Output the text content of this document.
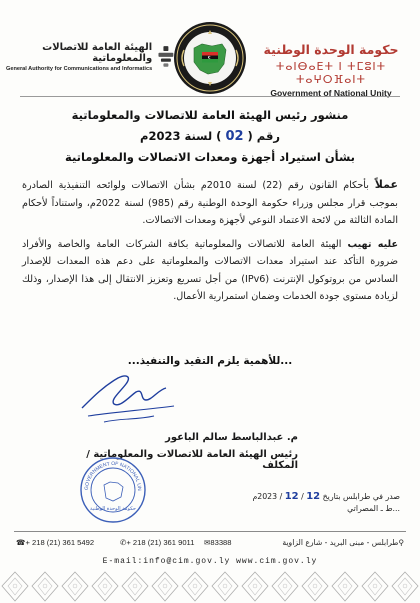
حكومة الوحدة الوطنية
ⵜⴰⵏⴱⴰⴹⵜ ⵏ ⵜⵎⵓⵏⵜ ⵜⴰⵖⵔⴼⴰⵏⵜ
Government of National Unity
الهيئة العامة للاتصالات والمعلوماتية
General Authority for Communications and Informatics
منشور رئيس الهيئة العامة للاتصالات والمعلوماتية
رقم ( 02 ) لسنة 2023م
بشأن استيراد أجهزة ومعدات الاتصالات والمعلوماتية

عملاً بأحكام القانون رقم (22) لسنة 2010م بشأن الاتصالات ولوائحه التنفيذية الصادرة بموجب قرار مجلس وزراء حكومة الوحدة الوطنية رقم (985) لسنة 2022م، واستناداً لأحكام المادة الثالثة من لائحة الاعتماد النوعي لأجهزة ومعدات الاتصالات.

عليه تهيب الهيئة العامة للاتصالات والمعلوماتية بكافة الشركات العامة والخاصة والأفراد ضرورة التأكد عند استيراد معدات الاتصالات والمعلوماتية على دعم هذه المعدات للإصدار السادس من بروتوكول الإنترنت (IPv6) من أجل تسريع وتعزيز الانتقال إلى هذا الإصدار، وذلك لزيادة مستوى جودة الخدمات وضمان استمرارية الأعمال.

...للأهمية يلزم التقيد والتنفيذ...
م. عبدالباسط سالم الباعور
رئيس الهيئة العامة للاتصالات والمعلوماتية / المكلف
GOVERNMENT OF NATIONAL UN
حكومة الوحدة الوطنية
صدر في طرابلس بتاريخ 12 / 12 / 2023م
...ط ـ المصراتي
☎ + 218 (21) 361 5492	✆ + 218 (21) 361 9011 ✉ 83388	⚲
طرابلس - مبنى البريد - شارع الزاوية
E-mail:info@cim.gov.ly www.cim.gov.ly
